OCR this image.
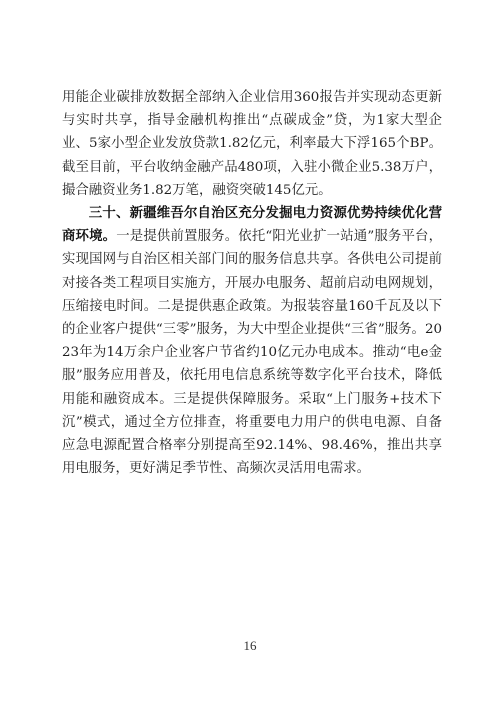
用能企业碳排放数据全部纳入企业信用360报告并实现动态更新与实时共享，指导金融机构推出“点碳成金”贷，为1家大型企业、5家小型企业发放贷款1.82亿元，利率最大下浮165个BP。截至目前，平台收纳金融产品480项，入驻小微企业5.38万户，撮合融资业务1.82万笔，融资突破145亿元。

三十、新疆维吾尔自治区充分发掘电力资源优势持续优化营商环境。一是提供前置服务。依托“阳光业扩一站通”服务平台，实现国网与自治区相关部门间的服务信息共享。各供电公司提前对接各类工程项目实施方，开展办电服务、超前启动电网规划，压缩接电时间。二是提供惠企政策。为报装容量160千瓦及以下的企业客户提供“三零”服务，为大中型企业提供“三省”服务。2023年为14万余户企业客户节省约10亿元办电成本。推动“电e金服”服务应用普及，依托用电信息系统等数字化平台技术，降低用能和融资成本。三是提供保障服务。采取“上门服务+技术下沉”模式，通过全方位排查，将重要电力用户的供电电源、自备应急电源配置合格率分别提高至92.14%、98.46%，推出共享用电服务，更好满足季节性、高频次灵活用电需求。

16
